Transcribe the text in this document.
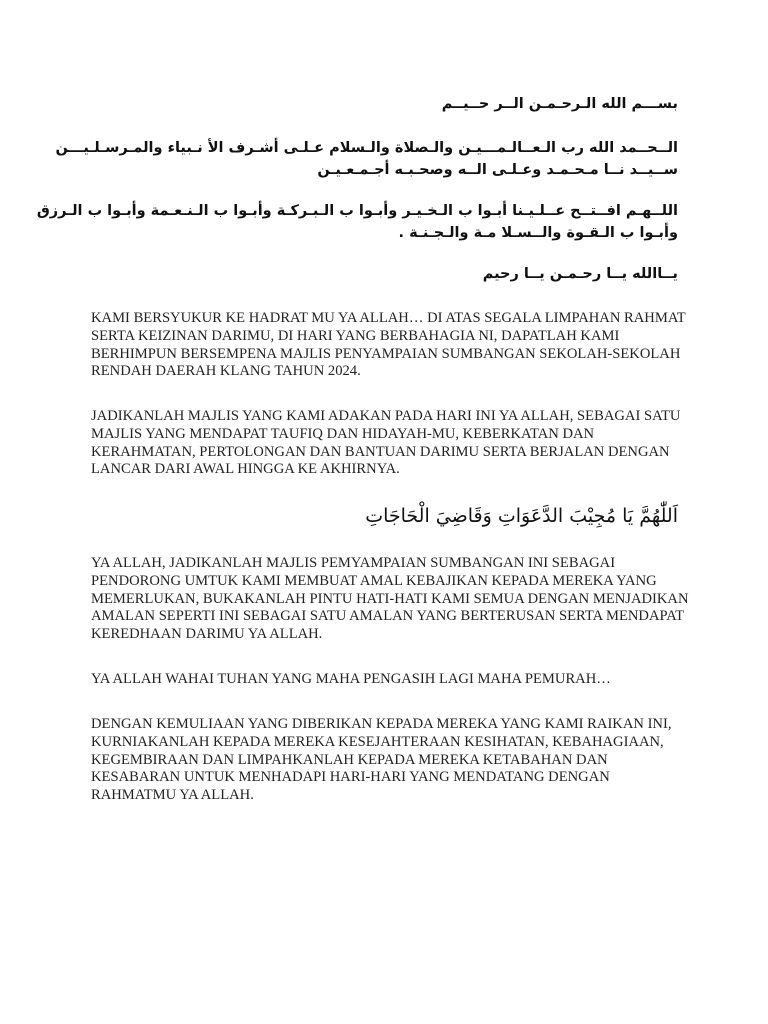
بســـم الله الـرحـمـن الــر حــيــم
الــحــمد الله رب الـعــالـمـــيـن والـصلاة والـسلام عـلـى أشـرف الأ نـبياء والمـرسـلـيـــن
ســيــد نــا مـحـمـد وعـلـى الــه وصحـبـه أجـمـعـيـن
اللــهـم افــتــح عــلـيـنا أبـوا ب الـخـيـر وأبـوا ب الـبـركـة وأبـوا ب الـنـعـمة وأبـوا ب الـرزق
وأبـوا ب الـقـوة والــسـلا مـة والـجـنـة .
يــاالله يــا رحـمـن يــا رحيم

KAMI BERSYUKUR KE HADRAT MU YA ALLAH… DI ATAS SEGALA LIMPAHAN RAHMAT SERTA KEIZINAN DARIMU, DI HARI YANG BERBAHAGIA NI, DAPATLAH KAMI BERHIMPUN BERSEMPENA MAJLIS PENYAMPAIAN SUMBANGAN SEKOLAH-SEKOLAH RENDAH DAERAH KLANG TAHUN 2024.

JADIKANLAH MAJLIS YANG KAMI ADAKAN PADA HARI INI YA ALLAH, SEBAGAI SATU MAJLIS YANG MENDAPAT TAUFIQ DAN HIDAYAH-MU, KEBERKATAN DAN KERAHMATAN, PERTOLONGAN DAN BANTUAN DARIMU SERTA BERJALAN DENGAN LANCAR DARI AWAL HINGGA KE AKHIRNYA.

اَللّٰهُمَّ يَا مُجِيْبَ الدَّعَوَاتِ وَقَاضِيَ الْحَاجَاتِ

YA ALLAH, JADIKANLAH MAJLIS PEMYAMPAIAN SUMBANGAN INI SEBAGAI PENDORONG UMTUK KAMI MEMBUAT AMAL KEBAJIKAN KEPADA MEREKA YANG MEMERLUKAN, BUKAKANLAH PINTU HATI-HATI KAMI SEMUA DENGAN MENJADIKAN AMALAN SEPERTI INI SEBAGAI SATU AMALAN YANG BERTERUSAN SERTA MENDAPAT KEREDHAAN DARIMU YA ALLAH.

YA ALLAH WAHAI TUHAN YANG MAHA PENGASIH LAGI MAHA PEMURAH…

DENGAN KEMULIAAN YANG DIBERIKAN KEPADA MEREKA YANG KAMI RAIKAN INI, KURNIAKANLAH KEPADA MEREKA KESEJAHTERAAN KESIHATAN, KEBAHAGIAAN, KEGEMBIRAAN DAN LIMPAHKANLAH KEPADA MEREKA KETABAHAN DAN KESABARAN UNTUK MENHADAPI HARI-HARI YANG MENDATANG DENGAN RAHMATMU YA ALLAH.
